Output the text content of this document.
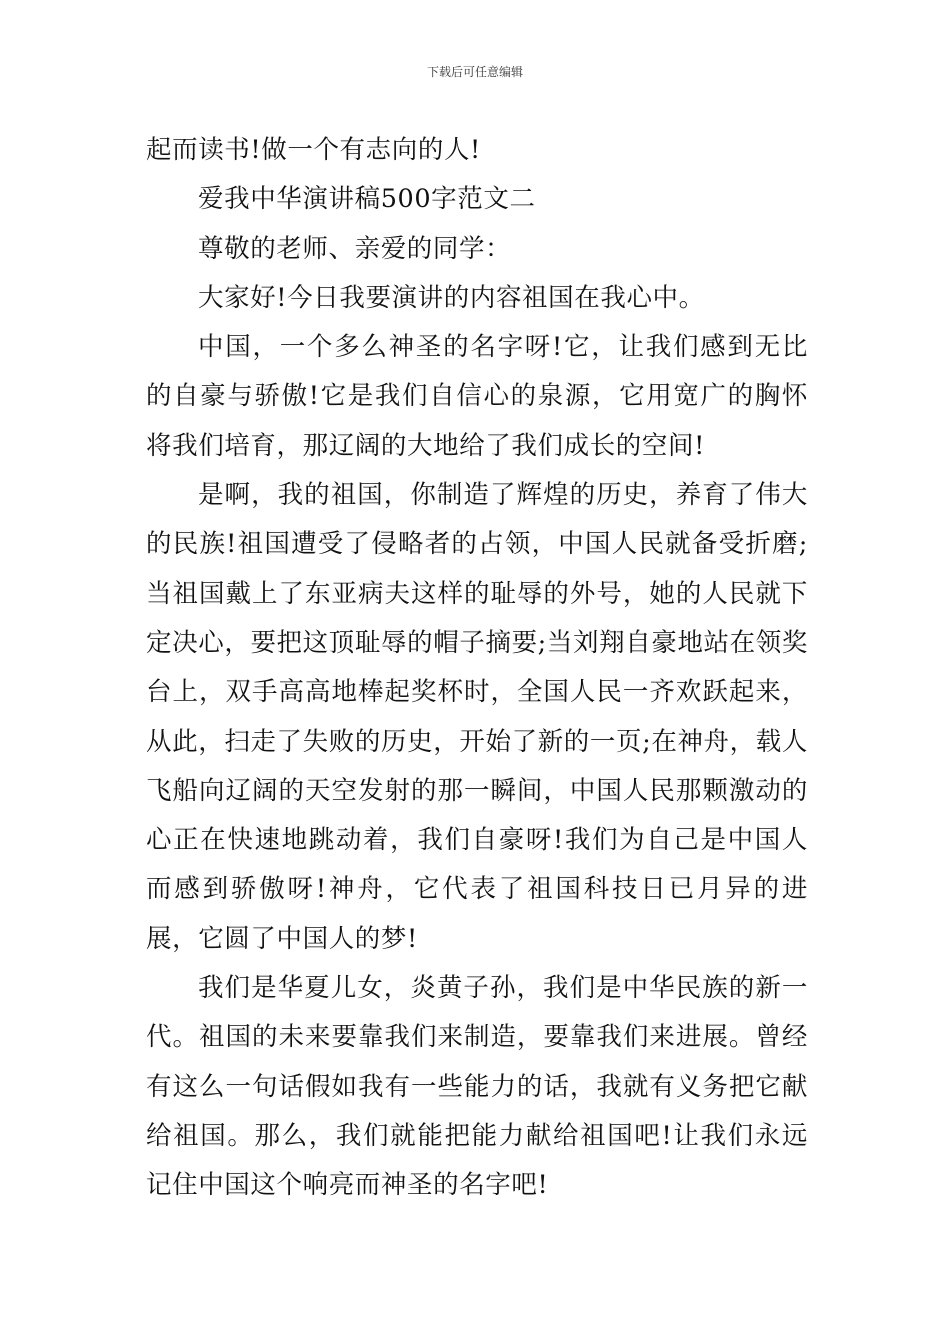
下载后可任意编辑

起而读书!做一个有志向的人!

爱我中华演讲稿500字范文二

尊敬的老师、亲爱的同学：

大家好!今日我要演讲的内容祖国在我心中。

中国，一个多么神圣的名字呀!它，让我们感到无比的自豪与骄傲!它是我们自信心的泉源，它用宽广的胸怀将我们培育，那辽阔的大地给了我们成长的空间!

是啊，我的祖国，你制造了辉煌的历史，养育了伟大的民族!祖国遭受了侵略者的占领，中国人民就备受折磨;当祖国戴上了东亚病夫这样的耻辱的外号，她的人民就下定决心，要把这顶耻辱的帽子摘要;当刘翔自豪地站在领奖台上，双手高高地棒起奖杯时，全国人民一齐欢跃起来，从此，扫走了失败的历史，开始了新的一页;在神舟，载人飞船向辽阔的天空发射的那一瞬间，中国人民那颗激动的心正在快速地跳动着，我们自豪呀!我们为自己是中国人而感到骄傲呀!神舟，它代表了祖国科技日已月异的进展，它圆了中国人的梦!

我们是华夏儿女，炎黄子孙，我们是中华民族的新一代。祖国的未来要靠我们来制造，要靠我们来进展。曾经有这么一句话假如我有一些能力的话，我就有义务把它献给祖国。那么，我们就能把能力献给祖国吧!让我们永远记住中国这个响亮而神圣的名字吧!
